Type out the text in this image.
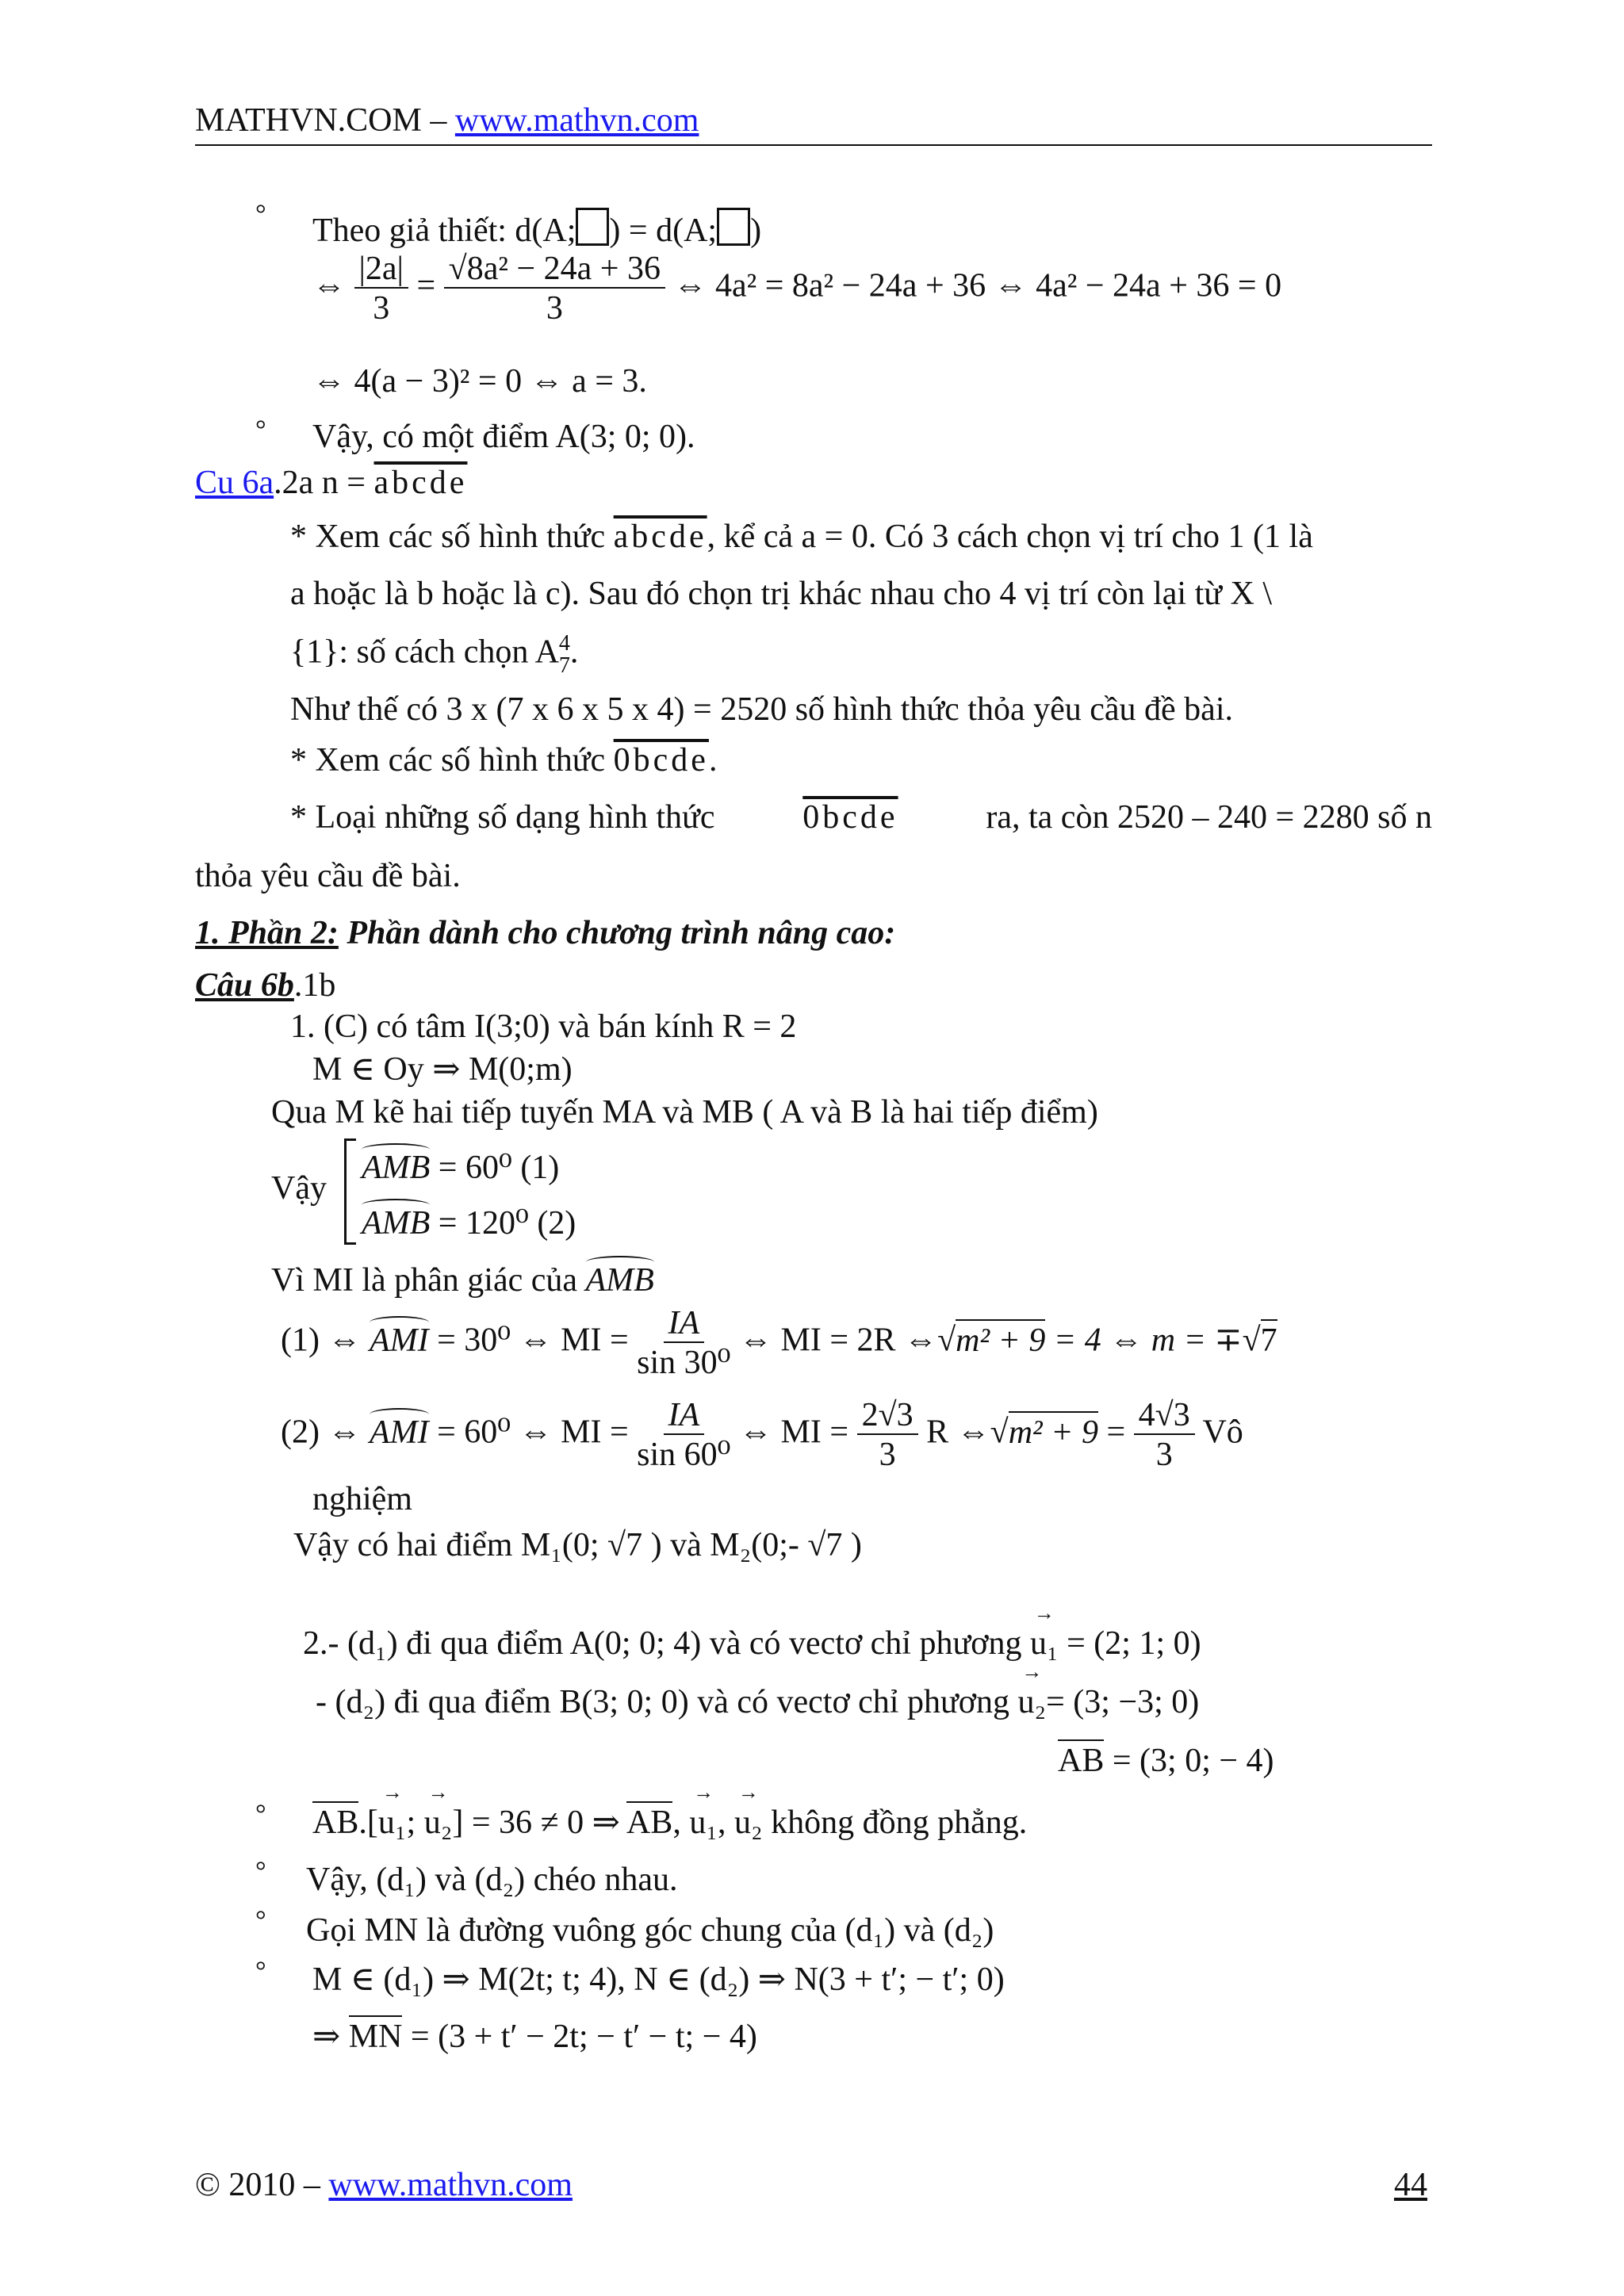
MATHVN.COM – www.mathvn.com
° Theo giả thiết: d(A; ) = d(A; )
⇔ $\frac{|2a|}{3} = \frac{\text{√8a² − 24a + 36}}{3}$ ⇔ 4a² = 8a² − 24a + 36 ⇔ 4a² − 24a + 36 = 0
⇔ 4(a − 3)² = 0 ⇔ a = 3.
° Vậy, có một điểm A(3; 0; 0).
Cu 6a.2a n = abcde
* Xem các số hình thức abcde, kể cả a = 0. Có 3 cách chọn vị trí cho 1 (1 là
a hoặc là b hoặc là c). Sau đó chọn trị khác nhau cho 4 vị trí còn lại từ X \
{1}: số cách chọn A 4
7 .
Như thế có 3 x (7 x 6 x 5 x 4) = 2520 số hình thức thỏa yêu cầu đề bài.
* Xem các số hình thức 0bcde.
* Loại những số dạng hình thức	0bcde	ra, ta còn 2520 – 240 = 2280 số n
thỏa yêu cầu đề bài.
1. Phần 2: Phần dành cho chương trình nâng cao:
Câu 6b.1b
1. (C) có tâm I(3;0) và bán kính R = 2
M ∈ Oy ⇒ M(0;m)
Qua M kẽ hai tiếp tuyến MA và MB ( A và B là hai tiếp điểm)
Vậy
AMB = 60⁰ (1)
AMB = 120⁰ (2)
Vì MI là phân giác của AMB
(1) ⇔ AMI = 30⁰ ⇔ MI = $\frac{IA}{\text{sin 30⁰}}$ ⇔ MI = 2R ⇔√m² + 9 = 4 ⇔ m = ∓√7
(2) ⇔ AMI = 60⁰ ⇔ MI = $\frac{IA}{\text{sin 60⁰}}$ ⇔ MI = $\frac{2√3}{3}$ R ⇔√m² + $9 = \frac{4√3}{3}$ Vô
nghiệm
Vậy có hai điểm M₁(0; √7 ) và M₂(0;- √7 )
2.- (d₁) đi qua điểm A(0; 0; 4) và có vectơ chỉ phương → u₁ = (2; 1; 0)
- (d₂) đi qua điểm B(3; 0; 0) và có vectơ chỉ phương → u₂= (3; −3; 0)
AB = (3; 0; − 4)
° AB.[→ u₁; → u₂] = 36 ≠ 0 ⇒ AB, → u₁, → u₂ không đồng phẳng.
° Vậy, (d₁) và (d₂) chéo nhau.
° Gọi MN là đường vuông góc chung của (d₁) và (d₂)
° M ∈ (d₁) ⇒ M(2t; t; 4), N ∈ (d₂) ⇒ N(3 + t′; − t′; 0)
⇒ MN = (3 + t′ − 2t; − t′ − t; − 4)
© 2010 – www.mathvn.com	44
